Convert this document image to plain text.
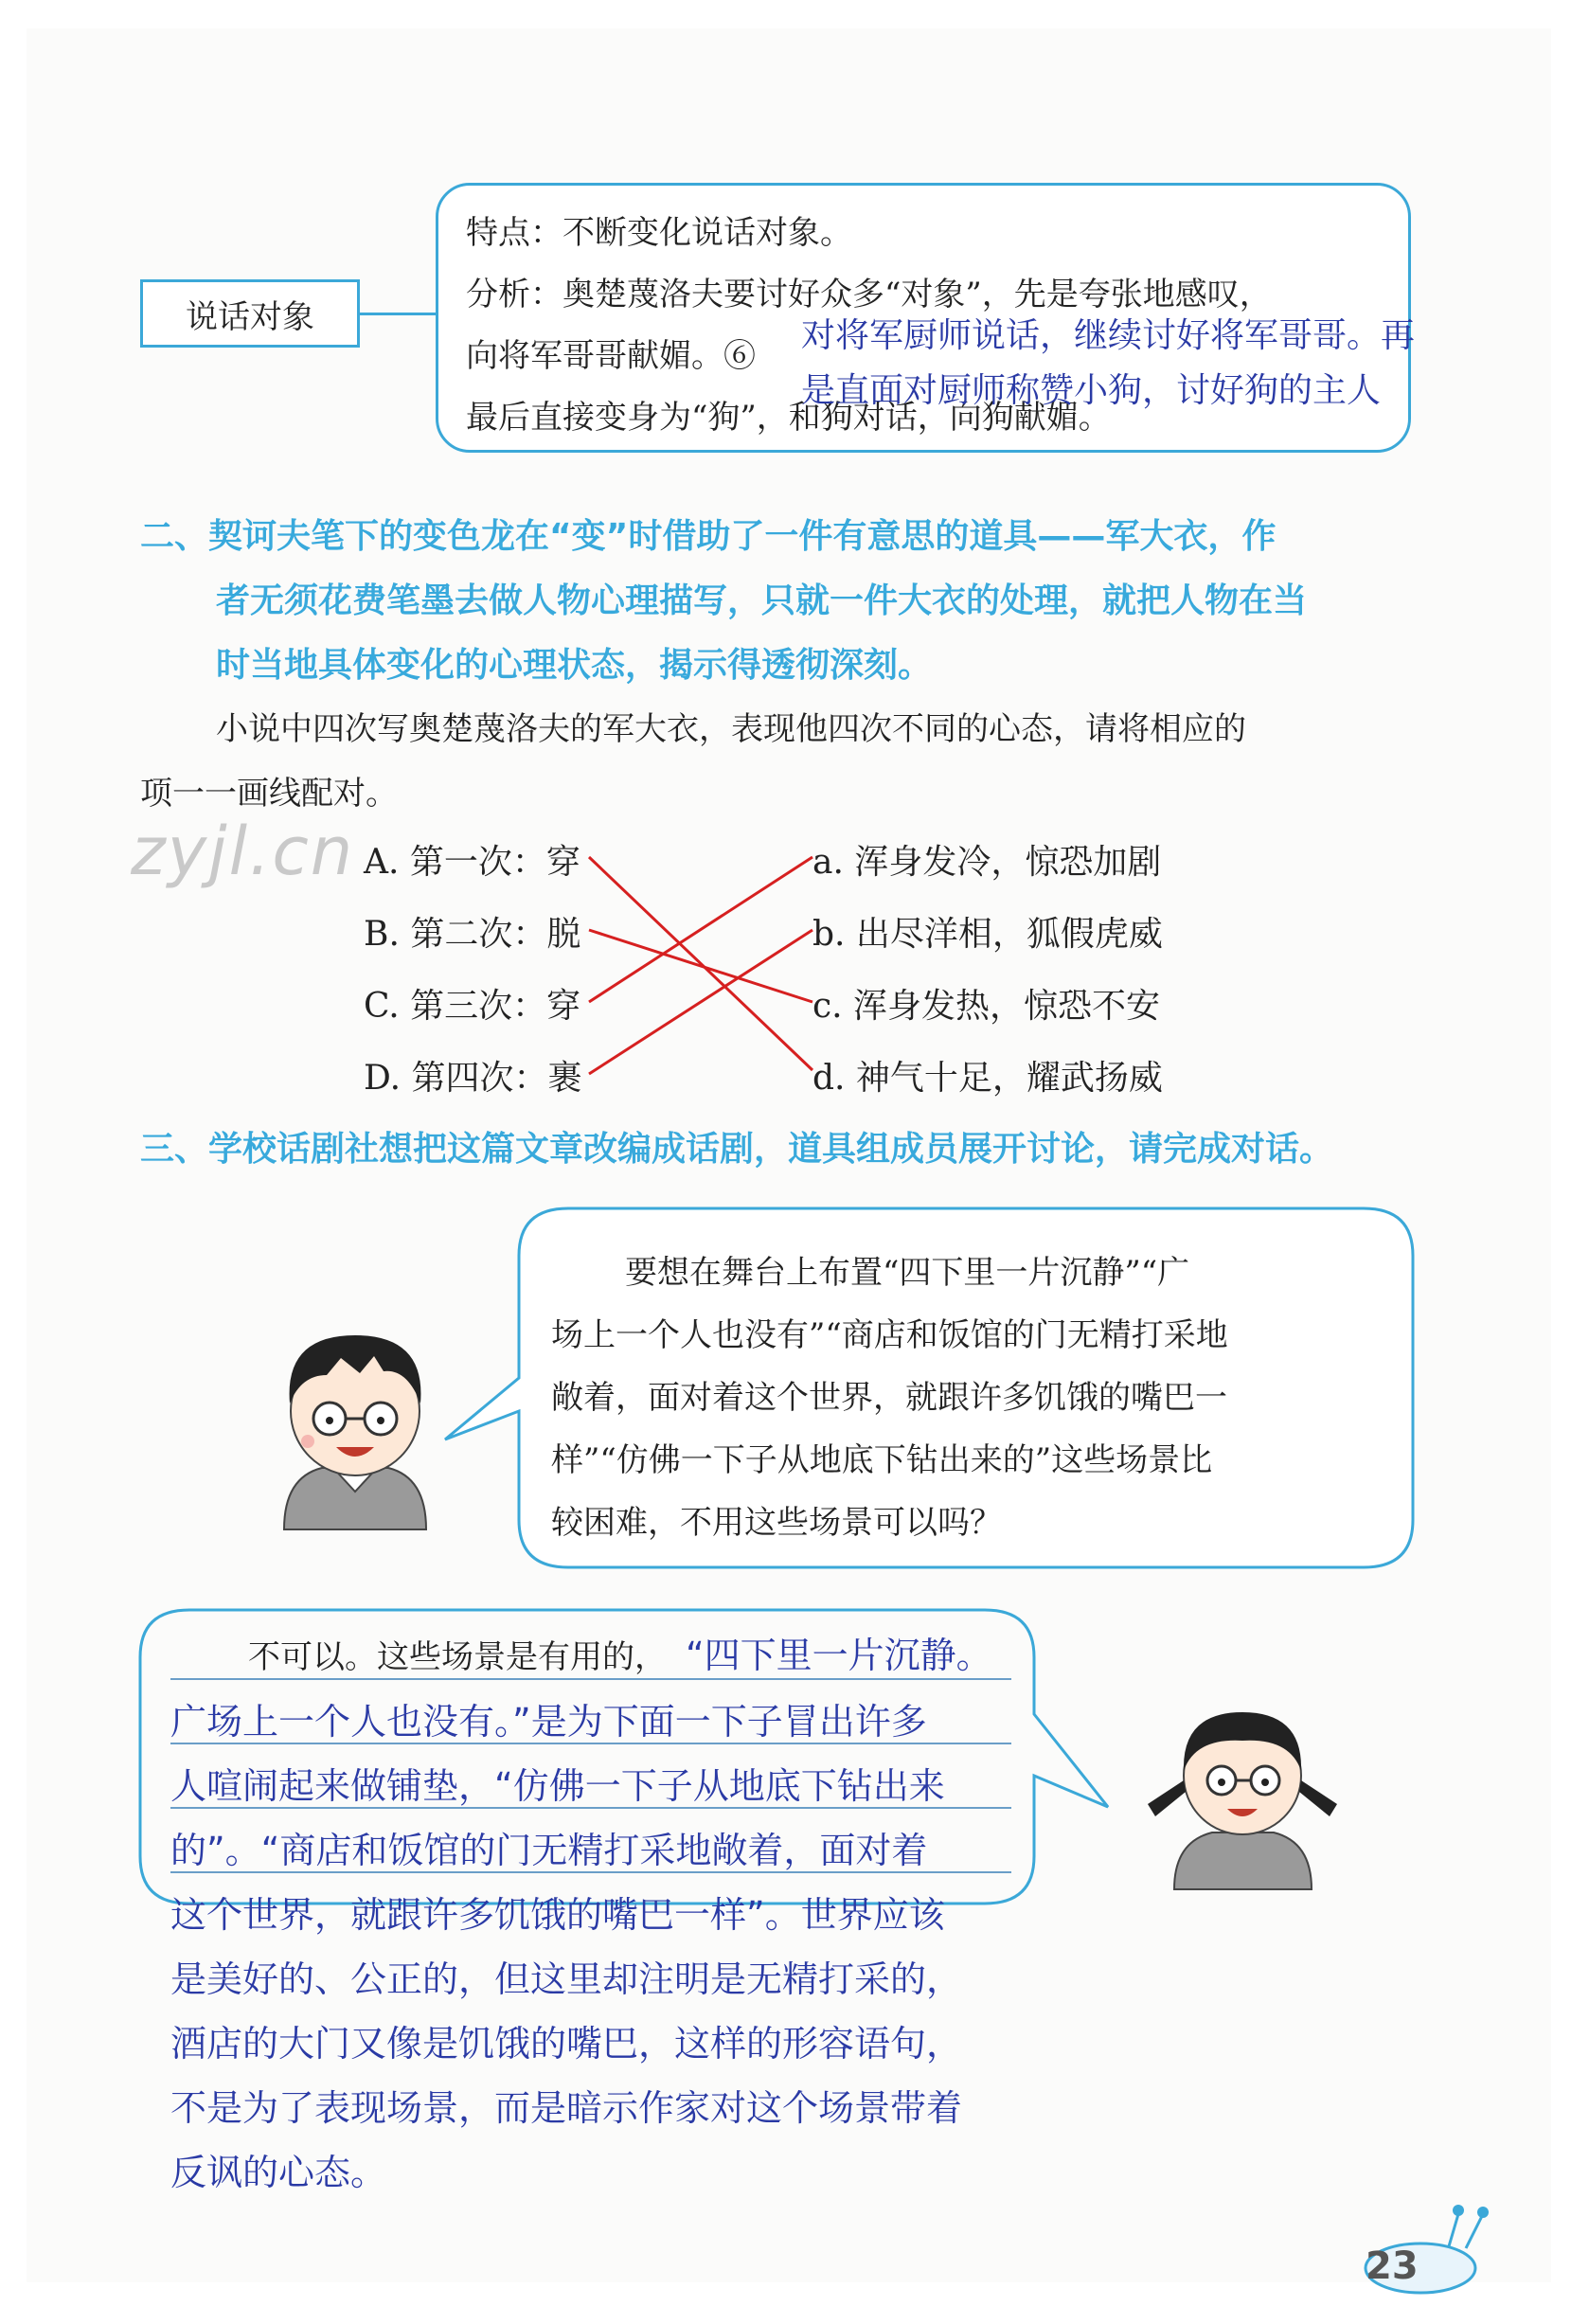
说话对象
特点：不断变化说话对象。
分析：奥楚蔑洛夫要讨好众多“对象”，先是夸张地感叹，
向将军哥哥献媚。⑥
最后直接变身为“狗”，和狗对话，向狗献媚。
对将军厨师说话，继续讨好将军哥哥。再
是直面对厨师称赞小狗，讨好狗的主人
二、契诃夫笔下的变色龙在“变”时借助了一件有意思的道具——军大衣，作
者无须花费笔墨去做人物心理描写，只就一件大衣的处理，就把人物在当
时当地具体变化的心理状态，揭示得透彻深刻。
小说中四次写奥楚蔑洛夫的军大衣，表现他四次不同的心态，请将相应的
项一一画线配对。
zyjl.cn A. 第一次：穿
B. 第二次：脱
C. 第三次：穿
D. 第四次：裹
a. 浑身发冷，惊恐加剧
b. 出尽洋相，狐假虎威
c. 浑身发热，惊恐不安
d. 神气十足，耀武扬威
三、学校话剧社想把这篇文章改编成话剧，道具组成员展开讨论，请完成对话。
要想在舞台上布置“四下里一片沉静”“广
场上一个人也没有”“商店和饭馆的门无精打采地
敞着，面对着这个世界，就跟许多饥饿的嘴巴一
样”“仿佛一下子从地底下钻出来的”这些场景比
较困难，不用这些场景可以吗？
不可以。这些场景是有用的， “四下里一片沉静。
广场上一个人也没有。”是为下面一下子冒出许多
人喧闹起来做铺垫，“仿佛一下子从地底下钻出来
的”。“商店和饭馆的门无精打采地敞着，面对着
这个世界，就跟许多饥饿的嘴巴一样”。世界应该
是美好的、公正的，但这里却注明是无精打采的，
酒店的大门又像是饥饿的嘴巴，这样的形容语句，
不是为了表现场景，而是暗示作家对这个场景带着
反讽的心态。
23
